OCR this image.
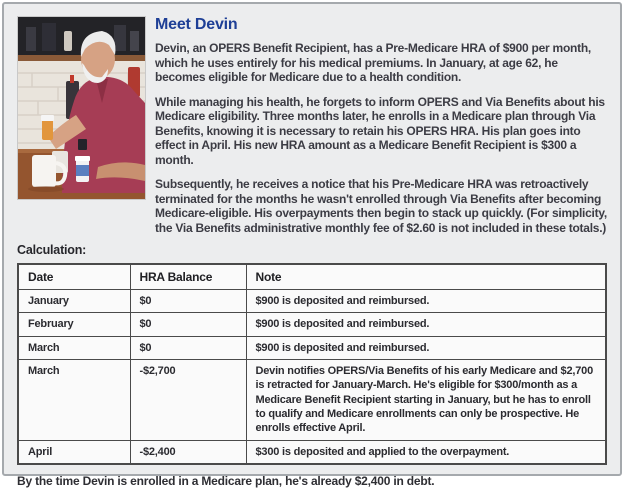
Meet Devin

Devin, an OPERS Benefit Recipient, has a Pre-Medicare HRA of $900 per month, which he uses entirely for his medical premiums. In January, at age 62, he becomes eligible for Medicare due to a health condition.

While managing his health, he forgets to inform OPERS and Via Benefits about his Medicare eligibility. Three months later, he enrolls in a Medicare plan through Via Benefits, knowing it is necessary to retain his OPERS HRA. His plan goes into effect in April. His new HRA amount as a Medicare Benefit Recipient is $300 a month.

Subsequently, he receives a notice that his Pre-Medicare HRA was retroactively terminated for the months he wasn't enrolled through Via Benefits after becoming Medicare-eligible. His overpayments then begin to stack up quickly. (For simplicity, the Via Benefits administrative monthly fee of $2.60 is not included in these totals.)

Calculation:
Date	HRA Balance	Note
January	$0	$900 is deposited and reimbursed.
February	$0	$900 is deposited and reimbursed.
March	$0	$900 is deposited and reimbursed.
March	-$2,700	Devin notifies OPERS/Via Benefits of his early Medicare and $2,700 is retracted for January-March. He's eligible for $300/month as a Medicare Benefit Recipient starting in January, but he has to enroll to qualify and Medicare enrollments can only be prospective. He enrolls effective April.
April	-$2,400	$300 is deposited and applied to the overpayment.
By the time Devin is enrolled in a Medicare plan, he's already $2,400 in debt.
